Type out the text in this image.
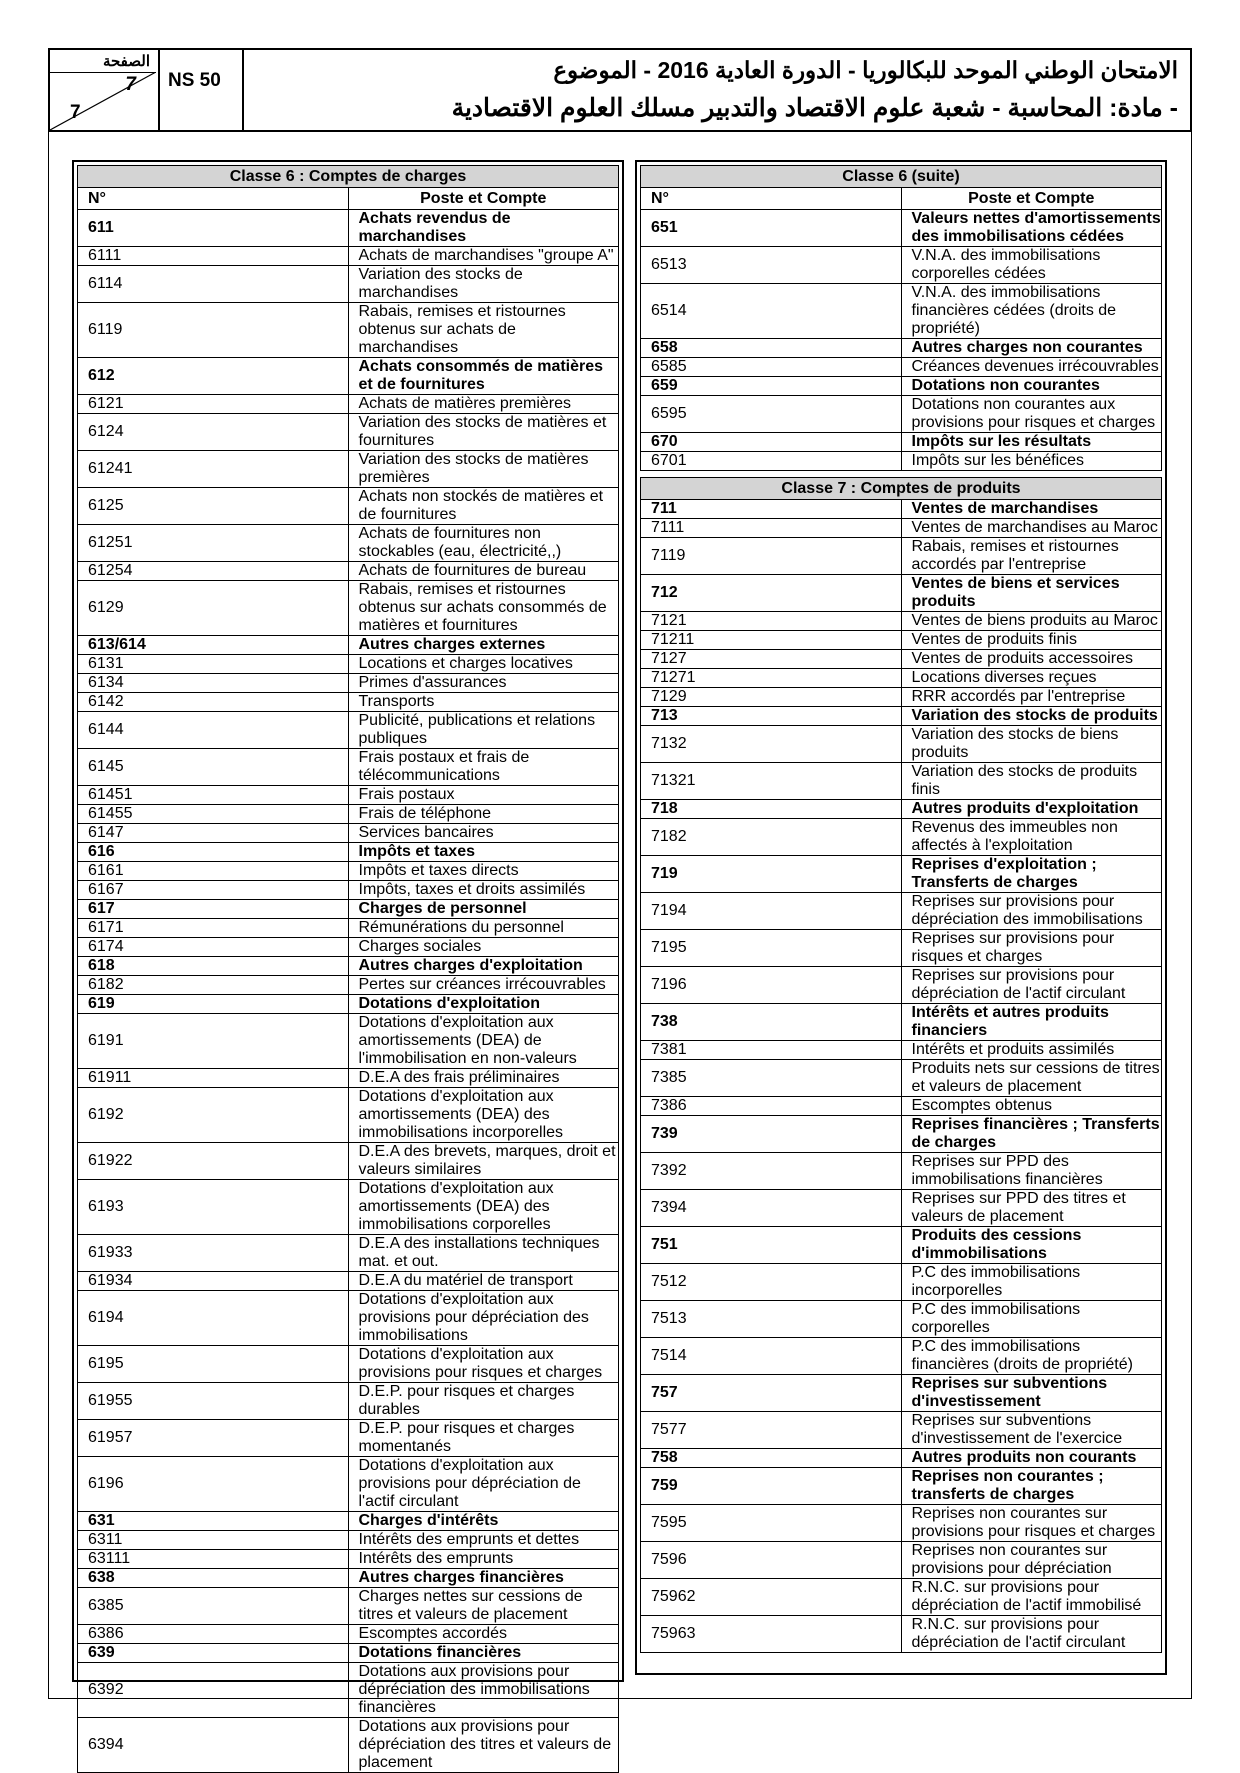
الصفحة
7
7
NS 50	الامتحان الوطني الموحد للبكالوريا - الدورة العادية 2016 - الموضوع
- مادة: المحاسبة - شعبة علوم الاقتصاد والتدبير مسلك العلوم الاقتصادية
Classe 6 : Comptes de charges	
N°	Poste et Compte
611	Achats revendus de marchandises
6111	Achats de marchandises "groupe A"
6114	Variation des stocks de marchandises
6119	Rabais, remises et ristournes obtenus sur achats de marchandises
612	Achats consommés de matières et de fournitures
6121	Achats de matières premières
6124	Variation des stocks de matières et fournitures
61241	Variation des stocks de matières premières
6125	Achats non stockés de matières et de fournitures
61251	Achats de fournitures non stockables (eau, électricité,,)
61254	Achats de fournitures de bureau
6129	Rabais, remises et ristournes obtenus sur achats consommés de matières et fournitures
613/614	Autres charges externes
6131	Locations et charges locatives
6134	Primes d'assurances
6142	Transports
6144	Publicité, publications et relations publiques
6145	Frais postaux et frais de télécommunications
61451	Frais postaux
61455	Frais de téléphone
6147	Services bancaires
616	Impôts et taxes
6161	Impôts et taxes directs
6167	Impôts, taxes et droits assimilés
617	Charges de personnel
6171	Rémunérations du personnel
6174	Charges sociales
618	Autres charges d'exploitation
6182	Pertes sur créances irrécouvrables
619	Dotations d'exploitation
6191	Dotations d'exploitation aux amortissements (DEA) de l'immobilisation en non-valeurs
61911	D.E.A des frais préliminaires
6192	Dotations d'exploitation aux amortissements (DEA) des immobilisations incorporelles
61922	D.E.A des brevets, marques, droit et valeurs similaires
6193	Dotations d'exploitation aux amortissements (DEA) des immobilisations corporelles
61933	D.E.A des installations techniques mat. et out.
61934	D.E.A du matériel de transport
6194	Dotations d'exploitation aux provisions pour dépréciation des immobilisations
6195	Dotations d'exploitation aux provisions pour risques et charges
61955	D.E.P. pour risques et charges durables
61957	D.E.P. pour risques et charges momentanés
6196	Dotations d'exploitation aux provisions pour dépréciation de l'actif circulant
631	Charges d'intérêts
6311	Intérêts des emprunts et dettes
63111	Intérêts des emprunts
638	Autres charges financières
6385	Charges nettes sur cessions de titres et valeurs de placement
6386	Escomptes accordés
639	Dotations financières
6392	Dotations aux provisions pour dépréciation des immobilisations financières
6394	Dotations aux provisions pour dépréciation des titres et valeurs de placement
Classe 6 (suite)	
N°	Poste et Compte
651	Valeurs nettes d'amortissements des immobilisations cédées
6513	V.N.A. des immobilisations corporelles cédées
6514	V.N.A. des immobilisations financières cédées (droits de propriété)
658	Autres charges non courantes
6585	Créances devenues irrécouvrables
659	Dotations non courantes
6595	Dotations non courantes aux provisions pour risques et charges
670	Impôts sur les résultats
6701	Impôts sur les bénéfices
Classe 7 : Comptes de produits	
711	Ventes de marchandises
7111	Ventes de marchandises au Maroc
7119	Rabais, remises et ristournes accordés par l'entreprise
712	Ventes de biens et services produits
7121	Ventes de biens produits au Maroc
71211	Ventes de produits finis
7127	Ventes de produits accessoires
71271	Locations diverses reçues
7129	RRR accordés par l'entreprise
713	Variation des stocks de produits
7132	Variation des stocks de biens produits
71321	Variation des stocks de produits finis
718	Autres produits d'exploitation
7182	Revenus des immeubles non affectés à l'exploitation
719	Reprises d'exploitation ; Transferts de charges
7194	Reprises sur provisions pour dépréciation des immobilisations
7195	Reprises sur provisions pour risques et charges
7196	Reprises sur provisions pour dépréciation de l'actif circulant
738	Intérêts et autres produits financiers
7381	Intérêts et produits assimilés
7385	Produits nets sur cessions de titres et valeurs de placement
7386	Escomptes obtenus
739	Reprises financières ; Transferts de charges
7392	Reprises sur PPD des immobilisations financières
7394	Reprises sur PPD des titres et valeurs de placement
751	Produits des cessions d'immobilisations
7512	P.C des immobilisations incorporelles
7513	P.C des immobilisations corporelles
7514	P.C des immobilisations financières (droits de propriété)
757	Reprises sur subventions d'investissement
7577	Reprises sur subventions d'investissement de l'exercice
758	Autres produits non courants
759	Reprises non courantes ; transferts de charges
7595	Reprises non courantes sur provisions pour risques et charges
7596	Reprises non courantes sur provisions pour dépréciation
75962	R.N.C. sur provisions pour dépréciation de l'actif immobilisé
75963	R.N.C. sur provisions pour dépréciation de l'actif circulant
